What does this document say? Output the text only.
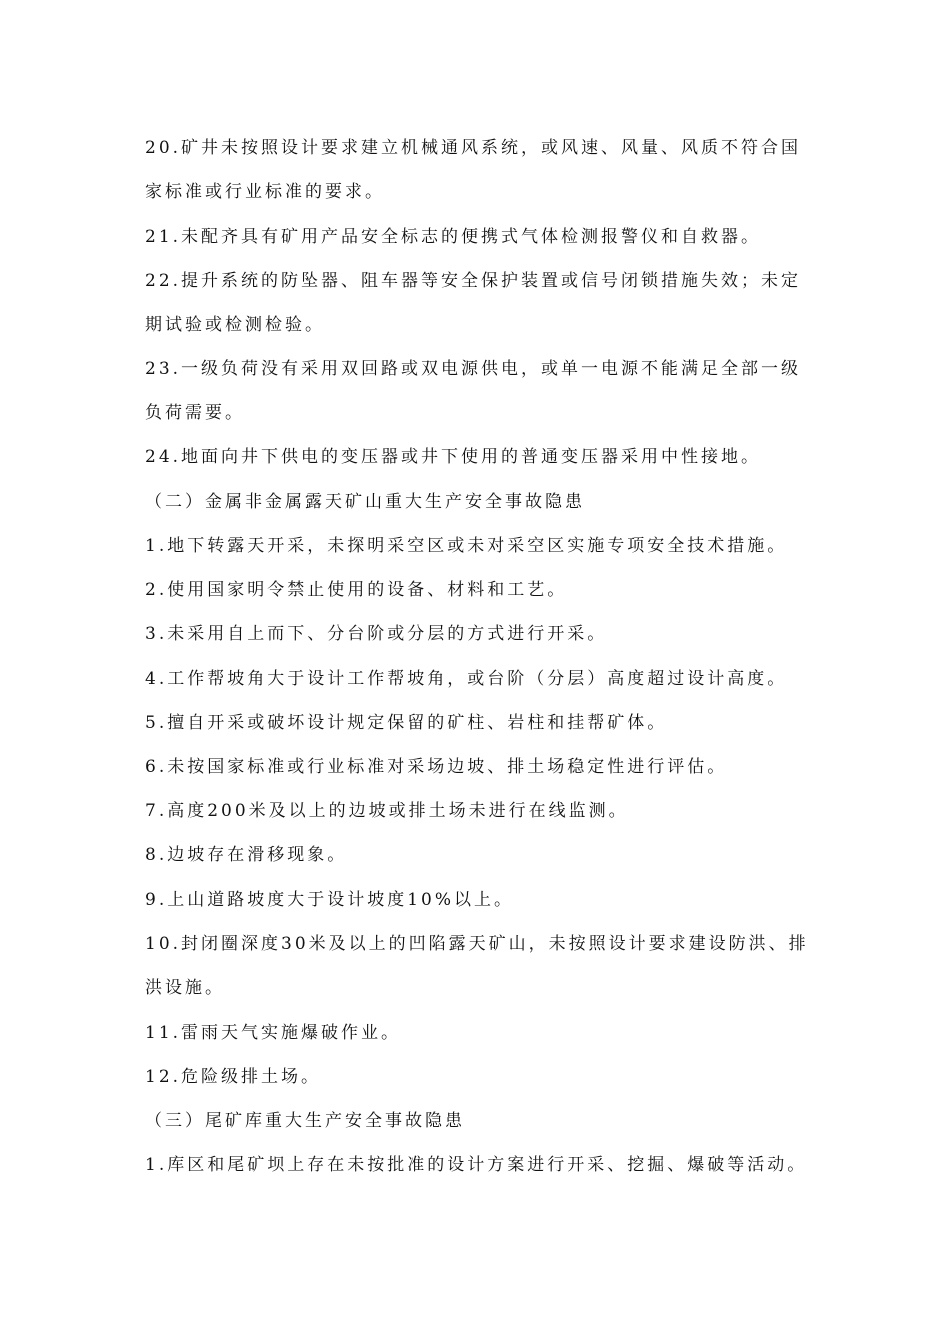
20.矿井未按照设计要求建立机械通风系统，或风速、风量、风质不符合国
家标准或行业标准的要求。
21.未配齐具有矿用产品安全标志的便携式气体检测报警仪和自救器。
22.提升系统的防坠器、阻车器等安全保护装置或信号闭锁措施失效；未定
期试验或检测检验。
23.一级负荷没有采用双回路或双电源供电，或单一电源不能满足全部一级
负荷需要。
24.地面向井下供电的变压器或井下使用的普通变压器采用中性接地。
（二）金属非金属露天矿山重大生产安全事故隐患
1.地下转露天开采，未探明采空区或未对采空区实施专项安全技术措施。
2.使用国家明令禁止使用的设备、材料和工艺。
3.未采用自上而下、分台阶或分层的方式进行开采。
4.工作帮坡角大于设计工作帮坡角，或台阶（分层）高度超过设计高度。
5.擅自开采或破坏设计规定保留的矿柱、岩柱和挂帮矿体。
6.未按国家标准或行业标准对采场边坡、排土场稳定性进行评估。
7.高度200米及以上的边坡或排土场未进行在线监测。
8.边坡存在滑移现象。
9.上山道路坡度大于设计坡度10%以上。
10.封闭圈深度30米及以上的凹陷露天矿山，未按照设计要求建设防洪、排
洪设施。
11.雷雨天气实施爆破作业。
12.危险级排土场。
（三）尾矿库重大生产安全事故隐患
1.库区和尾矿坝上存在未按批准的设计方案进行开采、挖掘、爆破等活动。
